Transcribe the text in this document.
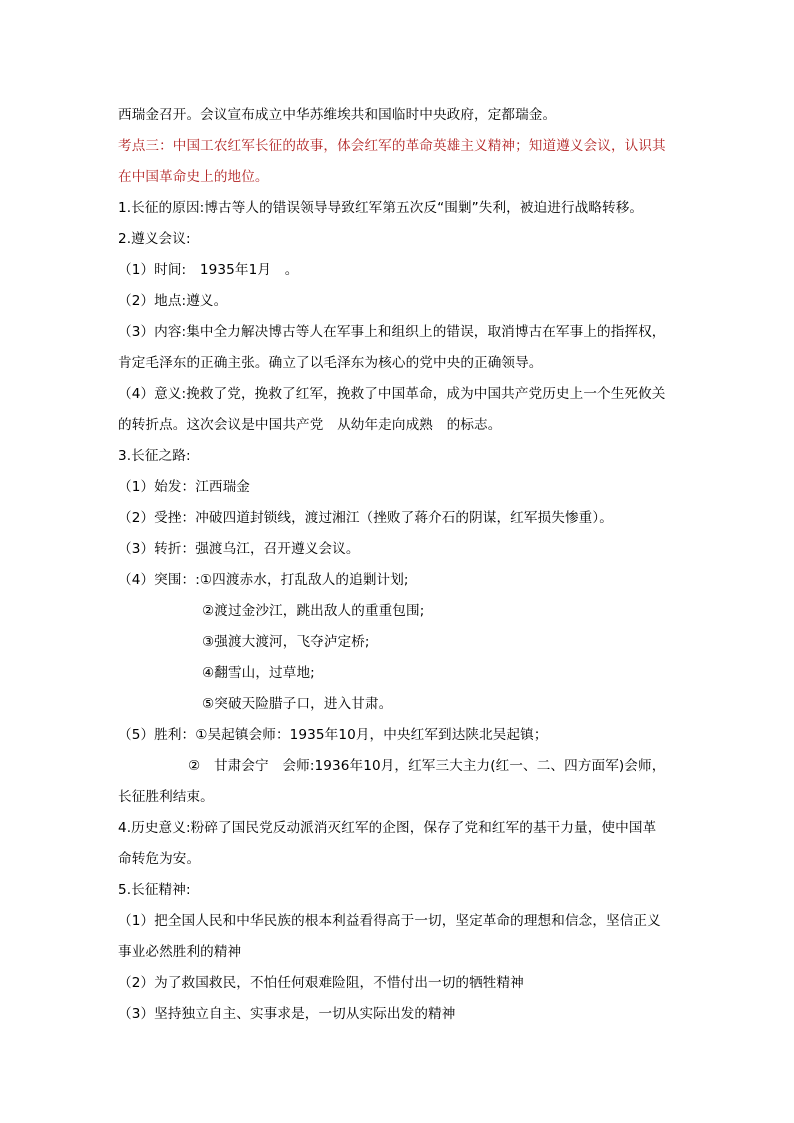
西瑞金召开。会议宣布成立中华苏维埃共和国临时中央政府，定都瑞金。
考点三：中国工农红军长征的故事，体会红军的革命英雄主义精神；知道遵义会议，认识其
在中国革命史上的地位。
1.长征的原因:博古等人的错误领导导致红军第五次反“围剿”失利，被迫进行战略转移。
2.遵义会议:
（1）时间:　1935年1月　。
（2）地点:遵义。
（3）内容:集中全力解决博古等人在军事上和组织上的错误，取消博古在军事上的指挥权，
肯定毛泽东的正确主张。确立了以毛泽东为核心的党中央的正确领导。
（4）意义:挽救了党，挽救了红军，挽救了中国革命，成为中国共产党历史上一个生死攸关
的转折点。这次会议是中国共产党　从幼年走向成熟　的标志。
3.长征之路:
（1）始发：江西瑞金
（2）受挫：冲破四道封锁线，渡过湘江（挫败了蒋介石的阴谋，红军损失惨重）。
（3）转折：强渡乌江，召开遵义会议。
（4）突围：:①四渡赤水，打乱敌人的追剿计划;
②渡过金沙江，跳出敌人的重重包围;
③强渡大渡河，飞夺泸定桥;
④翻雪山，过草地;
⑤突破天险腊子口，进入甘肃。
（5）胜利：①吴起镇会师：1935年10月，中央红军到达陕北吴起镇；
②　甘肃会宁　会师:1936年10月，红军三大主力(红一、二、四方面军)会师，
长征胜利结束。
4.历史意义:粉碎了国民党反动派消灭红军的企图，保存了党和红军的基干力量，使中国革
命转危为安。
5.长征精神:
（1）把全国人民和中华民族的根本利益看得高于一切，坚定革命的理想和信念，坚信正义
事业必然胜利的精神
（2）为了救国救民，不怕任何艰难险阻，不惜付出一切的牺牲精神
（3）坚持独立自主、实事求是，一切从实际出发的精神
